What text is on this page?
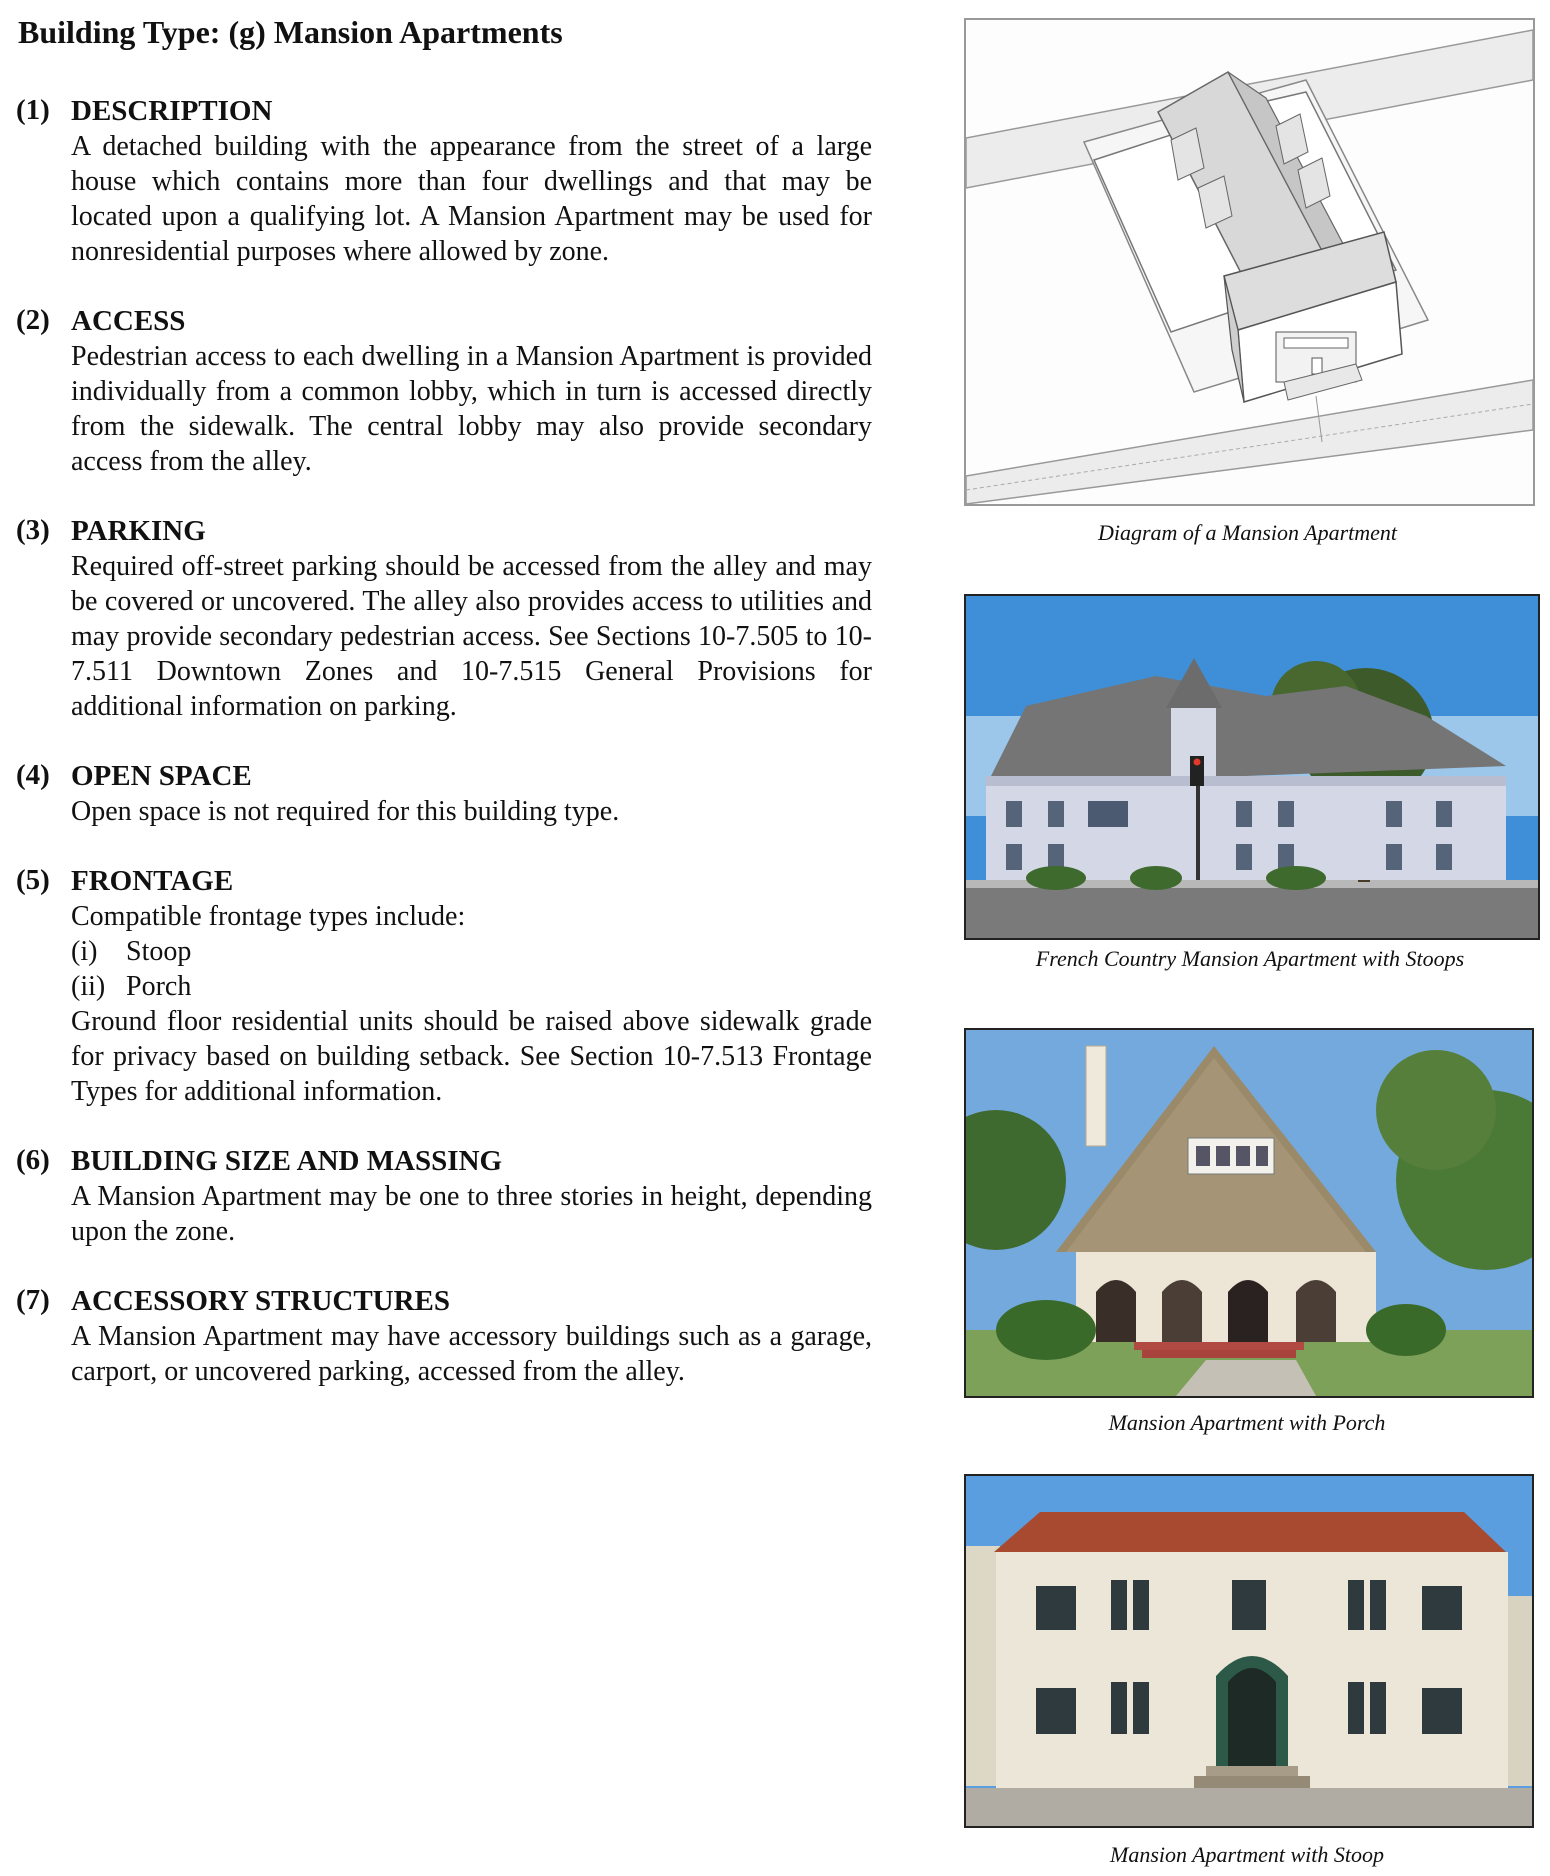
Building Type: (g) Mansion Apartments
(1) DESCRIPTION
A detached building with the appearance from the street of a large house which contains more than four dwellings and that may be located upon a qualifying lot. A Mansion Apartment may be used for nonresidential purposes where allowed by zone.
(2) ACCESS
Pedestrian access to each dwelling in a Mansion Apartment is provided individually from a common lobby, which in turn is accessed directly from the sidewalk. The central lobby may also provide secondary access from the alley.
(3) PARKING
Required off-street parking should be accessed from the alley and may be covered or uncovered. The alley also provides access to utilities and may provide secondary pedestrian access. See Sections 10-7.505 to 10-7.511 Downtown Zones and 10-7.515 General Provisions for additional information on parking.
(4) OPEN SPACE
Open space is not required for this building type.
(5) FRONTAGE
Compatible frontage types include:
(i) Stoop
(ii) Porch
Ground floor residential units should be raised above sidewalk grade for privacy based on building setback. See Section 10-7.513 Frontage Types for additional information.
(6) BUILDING SIZE AND MASSING
A Mansion Apartment may be one to three stories in height, depending upon the zone.
(7) ACCESSORY STRUCTURES
A Mansion Apartment may have accessory buildings such as a garage, carport, or uncovered parking, accessed from the alley.
Diagram of a Mansion Apartment
French Country Mansion Apartment with Stoops
Mansion Apartment with Porch
Mansion Apartment with Stoop
